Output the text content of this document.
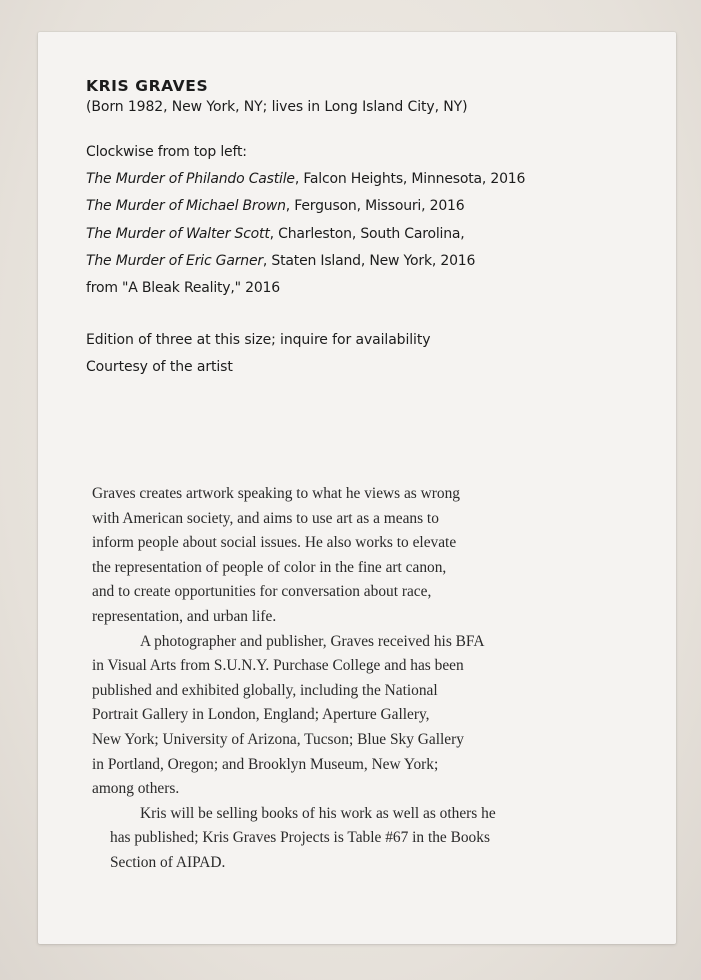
KRIS GRAVES

(Born 1982, New York, NY; lives in Long Island City, NY)

Clockwise from top left:
The Murder of Philando Castile, Falcon Heights, Minnesota, 2016
The Murder of Michael Brown, Ferguson, Missouri, 2016
The Murder of Walter Scott, Charleston, South Carolina,
The Murder of Eric Garner, Staten Island, New York, 2016
from "A Bleak Reality," 2016
Edition of three at this size; inquire for availability
Courtesy of the artist

Graves creates artwork speaking to what he views as wrong
with American society, and aims to use art as a means to
inform people about social issues. He also works to elevate
the representation of people of color in the fine art canon,
and to create opportunities for conversation about race,
representation, and urban life.

A photographer and publisher, Graves received his BFA
in Visual Arts from S.U.N.Y. Purchase College and has been
published and exhibited globally, including the National
Portrait Gallery in London, England; Aperture Gallery,
New York; University of Arizona, Tucson; Blue Sky Gallery
in Portland, Oregon; and Brooklyn Museum, New York;
among others.

Kris will be selling books of his work as well as others he
has published; Kris Graves Projects is Table #67 in the Books
Section of AIPAD.
